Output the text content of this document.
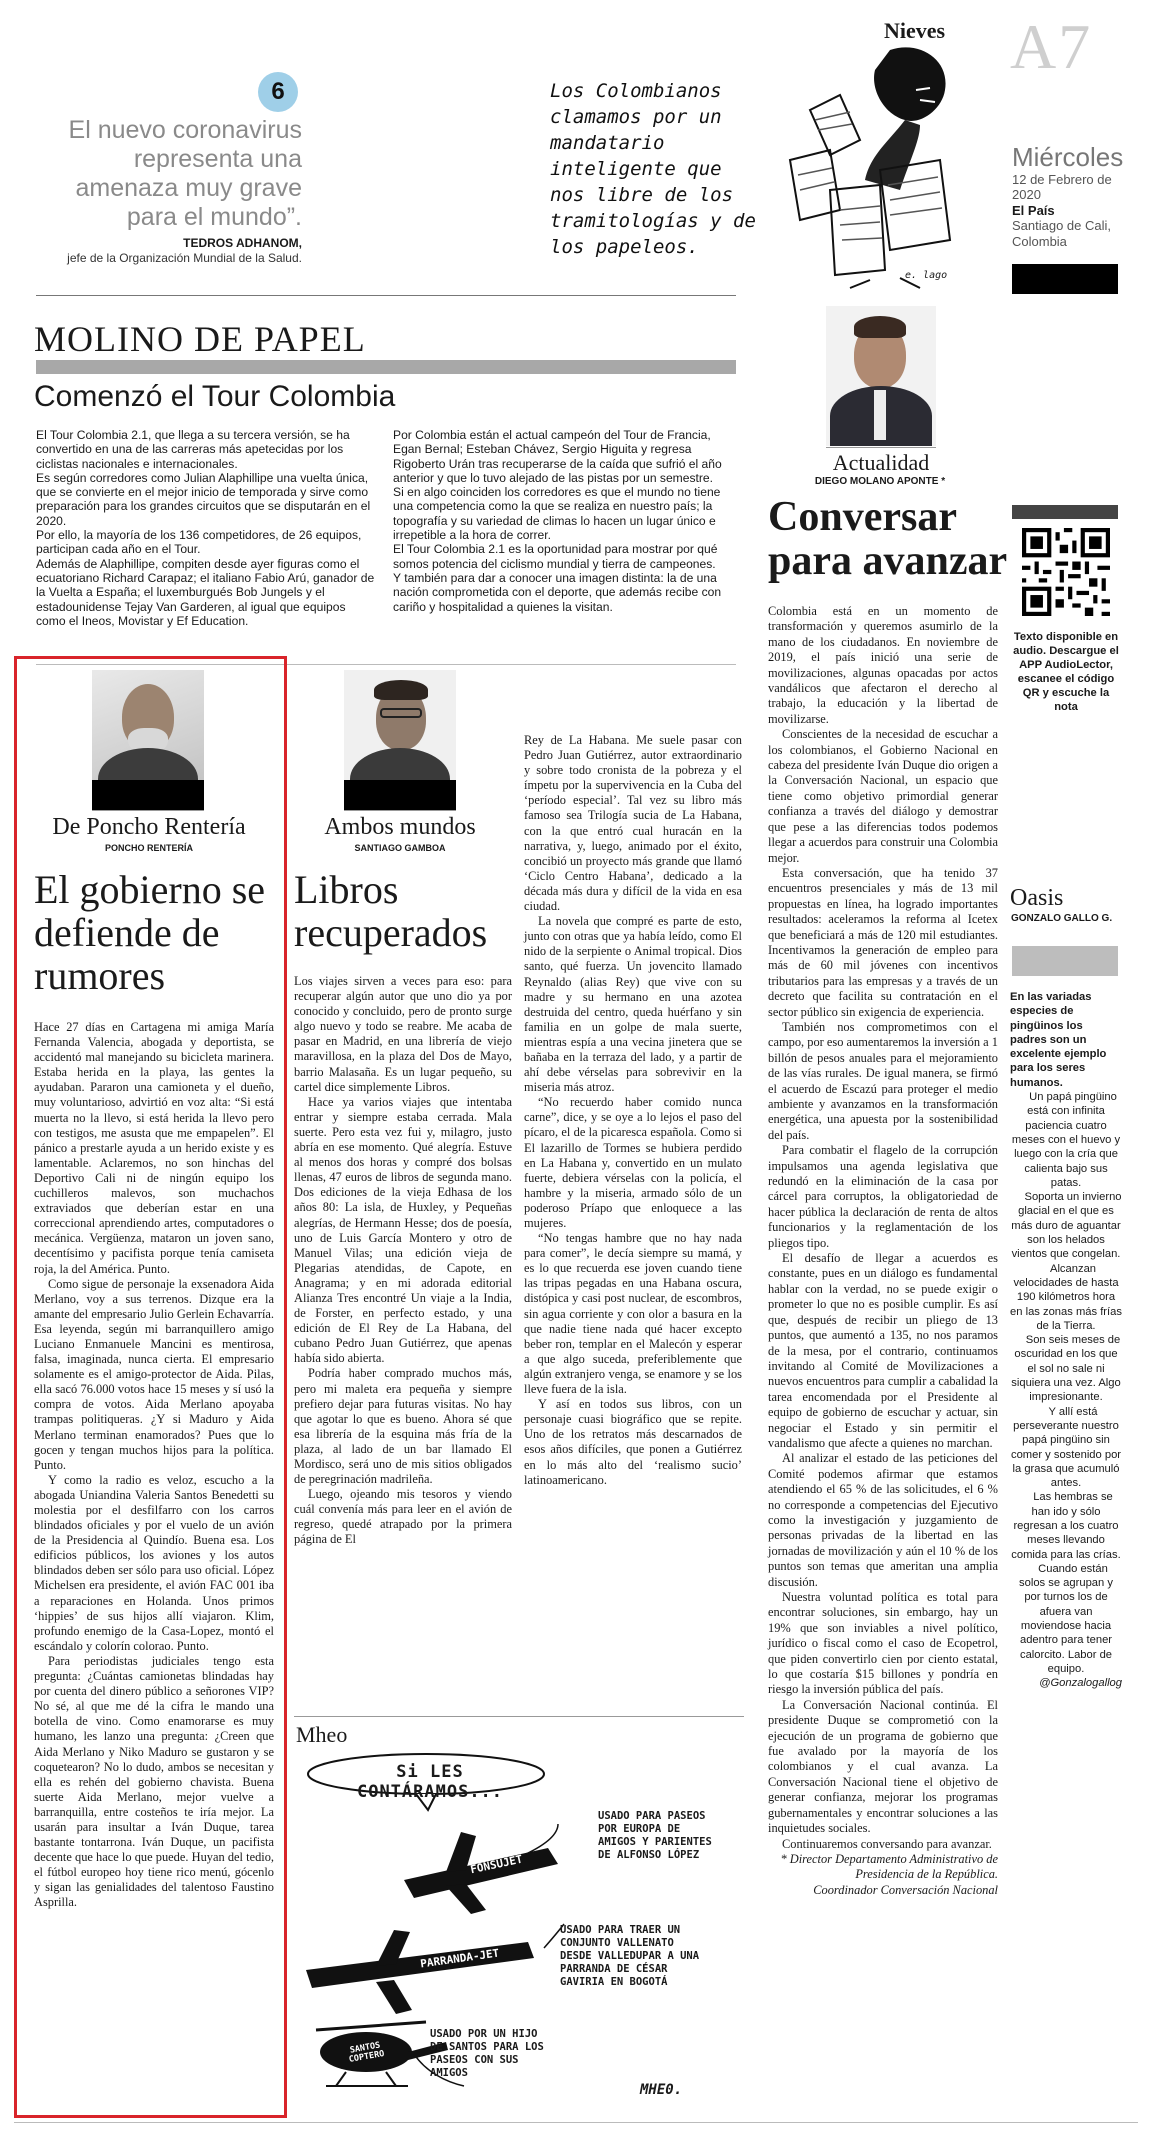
6
El nuevo coronavirus representa una amenaza muy grave para el mundo”.
TEDROS ADHANOM,
jefe de la Organización Mundial de la Salud.
Nieves
Los Colombianos clamamos por un mandatario inteligente que nos libre de los tramitologías y de los papeleos.
e. lago
A7
Miércoles
12 de Febrero de 2020
El País
Santiago de Cali, Colombia
MOLINO DE PAPEL
Comenzó el Tour Colombia

El Tour Colombia 2.1, que llega a su tercera versión, se ha convertido en una de las carreras más apetecidas por los ciclistas nacionales e internacionales.

Es según corredores como Julian Alaphillipe una vuelta única, que se convierte en el mejor inicio de temporada y sirve como preparación para los grandes circuitos que se disputarán en el 2020.

Por ello, la mayoría de los 136 competidores, de 26 equipos, participan cada año en el Tour.

Además de Alaphillipe, compiten desde ayer figuras como el ecuatoriano Richard Carapaz; el italiano Fabio Arú, ganador de la Vuelta a España; el luxemburgués Bob Jungels y el estadounidense Tejay Van Garderen, al igual que equipos como el Ineos, Movistar y Ef Education.

Por Colombia están el actual campeón del Tour de Francia, Egan Bernal; Esteban Chávez, Sergio Higuita y regresa Rigoberto Urán tras recuperarse de la caída que sufrió el año anterior y que lo tuvo alejado de las pistas por un semestre.

Si en algo coinciden los corredores es que el mundo no tiene una competencia como la que se realiza en nuestro país; la topografía y su variedad de climas lo hacen un lugar único e irrepetible a la hora de correr.

El Tour Colombia 2.1 es la oportunidad para mostrar por qué somos potencia del ciclismo mundial y tierra de campeones.

Y también para dar a conocer una imagen distinta: la de una nación comprometida con el deporte, que además recibe con cariño y hospitalidad a quienes la visitan.

Actualidad
DIEGO MOLANO APONTE *
Conversar para avanzar

Colombia está en un momento de transformación y queremos asumirlo de la mano de los ciudadanos. En noviembre de 2019, el país inició una serie de movilizaciones, algunas opacadas por actos vandálicos que afectaron el derecho al trabajo, la educación y la libertad de movilizarse.

Conscientes de la necesidad de escuchar a los colombianos, el Gobierno Nacional en cabeza del presidente Iván Duque dio origen a la Conversación Nacional, un espacio que tiene como objetivo primordial generar confianza a través del diálogo y demostrar que pese a las diferencias todos podemos llegar a acuerdos para construir una Colombia mejor.

Esta conversación, que ha tenido 37 encuentros presenciales y más de 13 mil propuestas en línea, ha logrado importantes resultados: aceleramos la reforma al Icetex que beneficiará a más de 120 mil estudiantes. Incentivamos la generación de empleo para más de 60 mil jóvenes con incentivos tributarios para las empresas y a través de un decreto que facilita su contratación en el sector público sin exigencia de experiencia.

También nos comprometimos con el campo, por eso aumentaremos la inversión a 1 billón de pesos anuales para el mejoramiento de las vías rurales. De igual manera, se firmó el acuerdo de Escazú para proteger el medio ambiente y avanzamos en la transformación energética, una apuesta por la sostenibilidad del país.

Para combatir el flagelo de la corrupción impulsamos una agenda legislativa que redundó en la eliminación de la casa por cárcel para corruptos, la obligatoriedad de hacer pública la declaración de renta de altos funcionarios y la reglamentación de los pliegos tipo.

El desafío de llegar a acuerdos es constante, pues en un diálogo es fundamental hablar con la verdad, no se puede exigir o prometer lo que no es posible cumplir. Es así que, después de recibir un pliego de 13 puntos, que aumentó a 135, no nos paramos de la mesa, por el contrario, continuamos invitando al Comité de Movilizaciones a nuevos encuentros para cumplir a cabalidad la tarea encomendada por el Presidente al equipo de gobierno de escuchar y actuar, sin negociar el Estado y sin permitir el vandalismo que afecte a quienes no marchan.

Al analizar el estado de las peticiones del Comité podemos afirmar que estamos atendiendo el 65 % de las solicitudes, el 6 % no corresponde a competencias del Ejecutivo como la investigación y juzgamiento de personas privadas de la libertad en las jornadas de movilización y aún el 10 % de los puntos son temas que ameritan una amplia discusión.

Nuestra voluntad política es total para encontrar soluciones, sin embargo, hay un 19% que son inviables a nivel político, jurídico o fiscal como el caso de Ecopetrol, que piden convertirlo cien por ciento estatal, lo que costaría $15 billones y pondría en riesgo la inversión pública del país.

La Conversación Nacional continúa. El presidente Duque se comprometió con la ejecución de un programa de gobierno que fue avalado por la mayoría de los colombianos y el cual avanza. La Conversación Nacional tiene el objetivo de generar confianza, mejorar los programas gubernamentales y encontrar soluciones a las inquietudes sociales.

Continuaremos conversando para avanzar.

* Director Departamento Administrativo de Presidencia de la República.

Coordinador Conversación Nacional

Texto disponible en audio. Descargue el APP AudioLector, escanee el código QR y escuche la nota
Oasis
GONZALO GALLO G.

En las variadas especies de pingüinos los padres son un excelente ejemplo para los seres humanos.

Un papá pingüino está con infinita paciencia cuatro meses con el huevo y luego con la cría que calienta bajo sus patas.

Soporta un invierno glacial en el que es más duro de aguantar son los helados vientos que congelan.

Alcanzan velocidades de hasta 190 kilómetros hora en las zonas más frías de la Tierra.

Son seis meses de oscuridad en los que el sol no sale ni siquiera una vez. Algo impresionante.

Y allí está perseverante nuestro papá pingüino sin comer y sostenido por la grasa que acumuló antes.

Las hembras se han ido y sólo regresan a los cuatro meses llevando comida para las crías.

Cuando están solos se agrupan y por turnos los de afuera van moviendose hacia adentro para tener calorcito. Labor de equipo.

@Gonzalogallog

De Poncho Rentería
PONCHO RENTERÍA
El gobierno se defiende de rumores

Hace 27 días en Cartagena mi amiga María Fernanda Valencia, abogada y deportista, se accidentó mal manejando su bicicleta marinera. Estaba herida en la playa, las gentes la ayudaban. Pararon una camioneta y el dueño, muy voluntarioso, advirtió en voz alta: “Si está muerta no la llevo, si está herida la llevo pero con testigos, me asusta que me empapelen”. El pánico a prestarle ayuda a un herido existe y es lamentable. Aclaremos, no son hinchas del Deportivo Cali ni de ningún equipo los cuchilleros malevos, son muchachos extraviados que deberían estar en una correccional aprendiendo artes, computadores o mecánica. Vergüenza, mataron un joven sano, decentísimo y pacifista porque tenía camiseta roja, la del América. Punto.

Como sigue de personaje la exsenadora Aida Merlano, voy a sus terrenos. Dizque era la amante del empresario Julio Gerlein Echavarría. Esa leyenda, según mi barranquillero amigo Luciano Enmanuele Mancini es mentirosa, falsa, imaginada, nunca cierta. El empresario solamente es el amigo-protector de Aida. Pilas, ella sacó 76.000 votos hace 15 meses y sí usó la compra de votos. Aida Merlano apoyaba trampas politiqueras. ¿Y si Maduro y Aida Merlano terminan enamorados? Pues que lo gocen y tengan muchos hijos para la política. Punto.

Y como la radio es veloz, escucho a la abogada Uniandina Valeria Santos Benedetti su molestia por el desfilfarro con los carros blindados oficiales y por el vuelo de un avión de la Presidencia al Quindío. Buena esa. Los edificios públicos, los aviones y los autos blindados deben ser sólo para uso oficial. López Michelsen era presidente, el avión FAC 001 iba a reparaciones en Holanda. Unos primos ‘hippies’ de sus hijos allí viajaron. Klim, profundo enemigo de la Casa-Lopez, montó el escándalo y colorín colorao. Punto.

Para periodistas judiciales tengo esta pregunta: ¿Cuántas camionetas blindadas hay por cuenta del dinero público a señorones VIP? No sé, al que me dé la cifra le mando una botella de vino. Como enamorarse es muy humano, les lanzo una pregunta: ¿Creen que Aida Merlano y Niko Maduro se gustaron y se coquetearon? No lo dudo, ambos se necesitan y ella es rehén del gobierno chavista. Buena suerte Aida Merlano, mejor vuelve a barranquilla, entre costeños te iría mejor. La usarán para insultar a Iván Duque, tarea bastante tontarrona. Iván Duque, un pacifista decente que hace lo que puede. Huyan del tedio, el fútbol europeo hoy tiene rico menú, gócenlo y sigan las genialidades del talentoso Faustino Asprilla.

Ambos mundos
SANTIAGO GAMBOA
Libros recuperados

Los viajes sirven a veces para eso: para recuperar algún autor que uno dio ya por conocido y concluido, pero de pronto surge algo nuevo y todo se reabre. Me acaba de pasar en Madrid, en una librería de viejo maravillosa, en la plaza del Dos de Mayo, barrio Malasaña. Es un lugar pequeño, su cartel dice simplemente Libros.

Hace ya varios viajes que intentaba entrar y siempre estaba cerrada. Mala suerte. Pero esta vez fui y, milagro, justo abría en ese momento. Qué alegría. Estuve al menos dos horas y compré dos bolsas llenas, 47 euros de libros de segunda mano. Dos ediciones de la vieja Edhasa de los años 80: La isla, de Huxley, y Pequeñas alegrías, de Hermann Hesse; dos de poesía, uno de Luis García Montero y otro de Manuel Vilas; una edición vieja de Plegarias atendidas, de Capote, en Anagrama; y en mi adorada editorial Alianza Tres encontré Un viaje a la India, de Forster, en perfecto estado, y una edición de El Rey de La Habana, del cubano Pedro Juan Gutiérrez, que apenas había sido abierta.

Podría haber comprado muchos más, pero mi maleta era pequeña y siempre prefiero dejar para futuras visitas. No hay que agotar lo que es bueno. Ahora sé que esa librería de la esquina más fría de la plaza, al lado de un bar llamado El Mordisco, será uno de mis sitios obligados de peregrinación madrileña.

Luego, ojeando mis tesoros y viendo cuál convenía más para leer en el avión de regreso, quedé atrapado por la primera página de El

Rey de La Habana. Me suele pasar con Pedro Juan Gutiérrez, autor extraordinario y sobre todo cronista de la pobreza y el ímpetu por la supervivencia en la Cuba del ‘período especial’. Tal vez su libro más famoso sea Trilogía sucia de La Habana, con la que entró cual huracán en la narrativa, y, luego, animado por el éxito, concibió un proyecto más grande que llamó ‘Ciclo Centro Habana’, dedicado a la década más dura y difícil de la vida en esa ciudad.

La novela que compré es parte de esto, junto con otras que ya había leído, como El nido de la serpiente o Animal tropical. Dios santo, qué fuerza. Un jovencito llamado Reynaldo (alias Rey) que vive con su madre y su hermano en una azotea destruida del centro, queda huérfano y sin familia en un golpe de mala suerte, mientras espía a una vecina jinetera que se bañaba en la terraza del lado, y a partir de ahí debe vérselas para sobrevivir en la miseria más atroz.

“No recuerdo haber comido nunca carne”, dice, y se oye a lo lejos el paso del pícaro, el de la picaresca española. Como si El lazarillo de Tormes se hubiera perdido en La Habana y, convertido en un mulato fuerte, debiera vérselas con la policía, el hambre y la miseria, armado sólo de un poderoso Príapo que enloquece a las mujeres.

“No tengas hambre que no hay nada para comer”, le decía siempre su mamá, y es lo que recuerda ese joven cuando tiene las tripas pegadas en una Habana oscura, distópica y casi post nuclear, de escombros, sin agua corriente y con olor a basura en la que nadie tiene nada qué hacer excepto beber ron, templar en el Malecón y esperar a que algo suceda, preferiblemente que algún extranjero venga, se enamore y se los lleve fuera de la isla.

Y así en todos sus libros, con un personaje cuasi biográfico que se repite. Uno de los retratos más descarnados de esos años difíciles, que ponen a Gutiérrez en lo más alto del ‘realismo sucio’ latinoamericano.

Mheo
Si LES CONTÁRAMOS...
FONSUJET
PARRANDA-JET
SANTOS COPTERO
USADO PARA PASEOS POR EUROPA DE AMIGOS Y PARIENTES DE ALFONSO LÓPEZ
USADO PARA TRAER UN CONJUNTO VALLENATO DESDE VALLEDUPAR A UNA PARRANDA DE CÉSAR GAVIRIA EN BOGOTÁ
USADO POR UN HIJO DE SANTOS PARA LOS PASEOS CON SUS AMIGOS
MHE0.
